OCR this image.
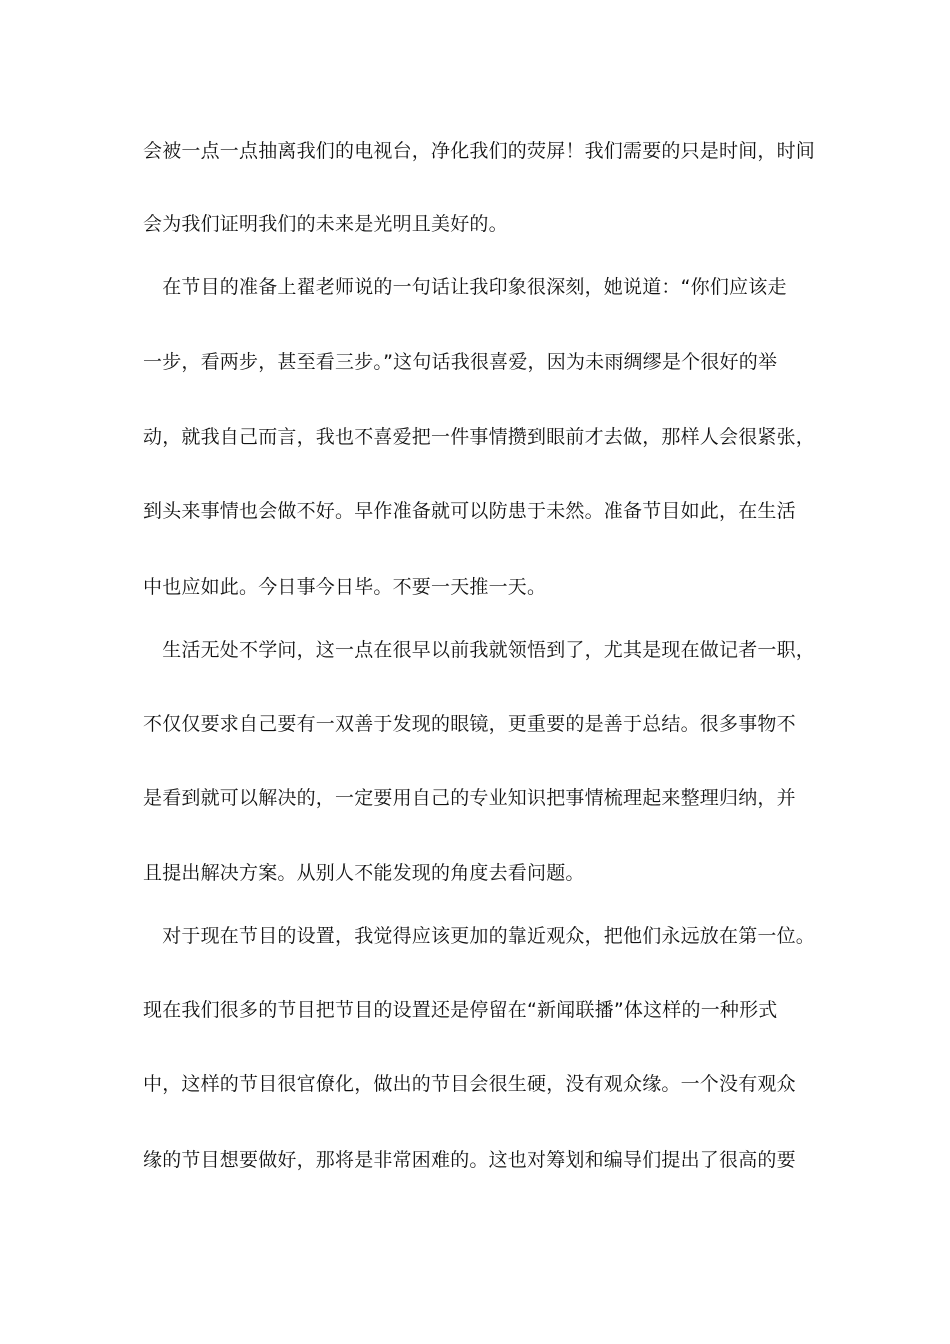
会被一点一点抽离我们的电视台，净化我们的荧屏！我们需要的只是时间，时间
会为我们证明我们的未来是光明且美好的。
　在节目的准备上翟老师说的一句话让我印象很深刻，她说道：“你们应该走
一步，看两步，甚至看三步。”这句话我很喜爱，因为未雨绸缪是个很好的举
动，就我自己而言，我也不喜爱把一件事情攒到眼前才去做，那样人会很紧张，
到头来事情也会做不好。早作准备就可以防患于未然。准备节目如此，在生活
中也应如此。今日事今日毕。不要一天推一天。
　生活无处不学问，这一点在很早以前我就领悟到了，尤其是现在做记者一职，
不仅仅要求自己要有一双善于发现的眼镜，更重要的是善于总结。很多事物不
是看到就可以解决的，一定要用自己的专业知识把事情梳理起来整理归纳，并
且提出解决方案。从别人不能发现的角度去看问题。
　对于现在节目的设置，我觉得应该更加的靠近观众，把他们永远放在第一位。
现在我们很多的节目把节目的设置还是停留在“新闻联播”体这样的一种形式
中，这样的节目很官僚化，做出的节目会很生硬，没有观众缘。一个没有观众
缘的节目想要做好，那将是非常困难的。这也对筹划和编导们提出了很高的要
